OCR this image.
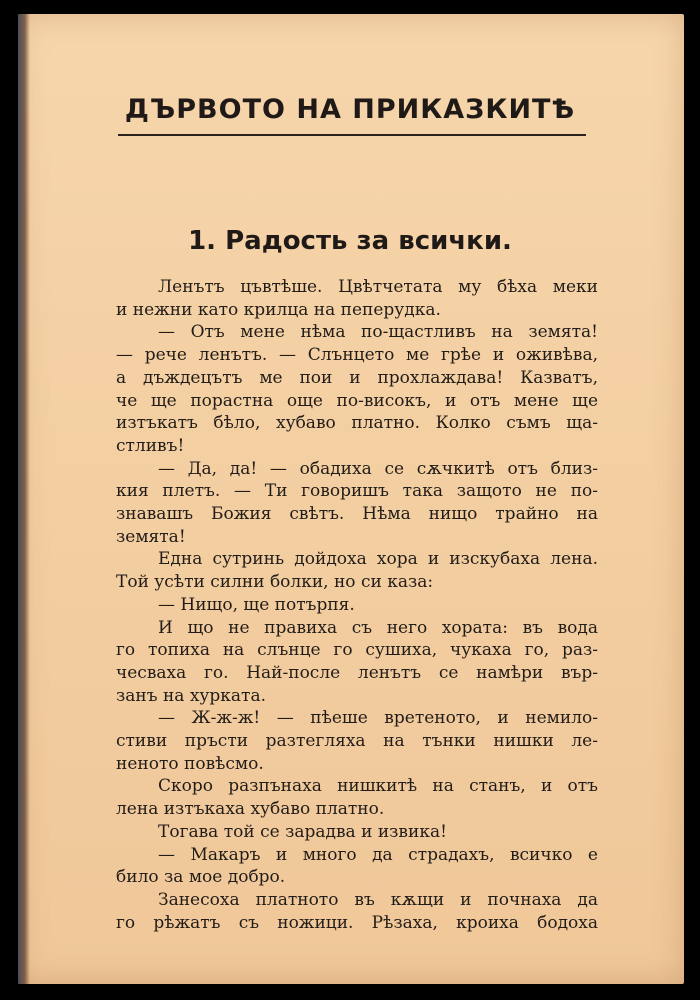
ДЪРВОТО НА ПРИКАЗКИТѢ
1. Радость за всички.
Ленътъ цъвтѣше. Цвѣтчетата му бѣха меки
и нежни като крилца на пеперудка.
— Отъ мене нѣма по-щастливъ на земята!
— рече ленътъ. — Слънцето ме грѣе и оживѣва,
а дъждецътъ ме пои и прохлаждава! Казватъ,
че ще порастна още по-високъ, и отъ мене ще
изтъкатъ бѣло, хубаво платно. Колко съмъ ща-
стливъ!
— Да, да! — обадиха се сѫчкитѣ отъ близ-
кия плетъ. — Ти говоришъ така защото не по-
знавашъ Божия свѣтъ. Нѣма нищо трайно на
земята!
Една сутринь дойдоха хора и изскубаха лена.
Той усѣти силни болки, но си каза:
— Нищо, ще потърпя.
И що не правиха съ него хората: въ вода
го топиха на слънце го сушиха, чукаха го, раз-
чесваха го. Най-после ленътъ се намѣри вър-
занъ на хурката.
— Ж-ж-ж! — пѣеше вретеното, и немило-
стиви пръсти разтегляха на тънки нишки ле-
неното повѣсмо.
Скоро разпънаха нишкитѣ на станъ, и отъ
лена изтъкаха хубаво платно.
Тогава той се зарадва и извика!
— Макаръ и много да страдахъ, всичко е
било за мое добро.
Занесоха платното въ кѫщи и почнаха да
го рѣжатъ съ ножици. Рѣзаха, кроиха бодоха
